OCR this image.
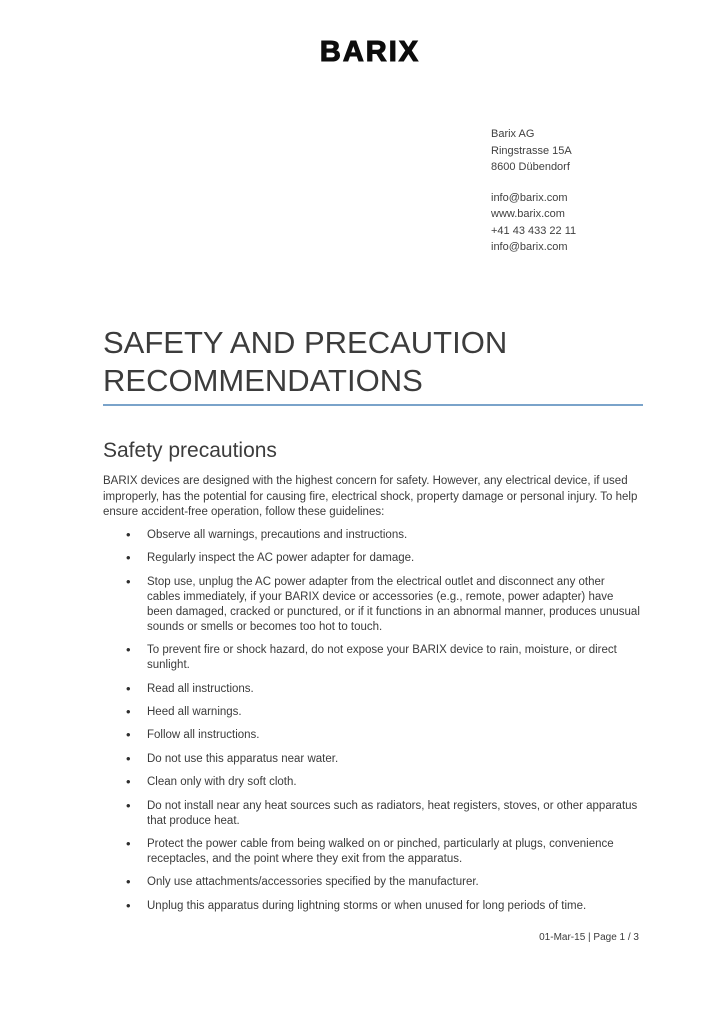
BARIX
Barix AG
Ringstrasse 15A
8600 Dübendorf
info@barix.com
www.barix.com
+41 43 433 22 11
info@barix.com
SAFETY AND PRECAUTION RECOMMENDATIONS
Safety precautions

BARIX devices are designed with the highest concern for safety. However, any electrical device, if used improperly, has the potential for causing fire, electrical shock, property damage or personal injury. To help ensure accident-free operation, follow these guidelines:

• Observe all warnings, precautions and instructions.
• Regularly inspect the AC power adapter for damage.
• Stop use, unplug the AC power adapter from the electrical outlet and disconnect any other cables immediately, if your BARIX device or accessories (e.g., remote, power adapter) have been damaged, cracked or punctured, or if it functions in an abnormal manner, produces unusual sounds or smells or becomes too hot to touch.
• To prevent fire or shock hazard, do not expose your BARIX device to rain, moisture, or direct sunlight.
• Read all instructions.
• Heed all warnings.
• Follow all instructions.
• Do not use this apparatus near water.
• Clean only with dry soft cloth.
• Do not install near any heat sources such as radiators, heat registers, stoves, or other apparatus that produce heat.
• Protect the power cable from being walked on or pinched, particularly at plugs, convenience receptacles, and the point where they exit from the apparatus.
• Only use attachments/accessories specified by the manufacturer.
• Unplug this apparatus during lightning storms or when unused for long periods of time.
01-Mar-15 | Page 1 / 3
